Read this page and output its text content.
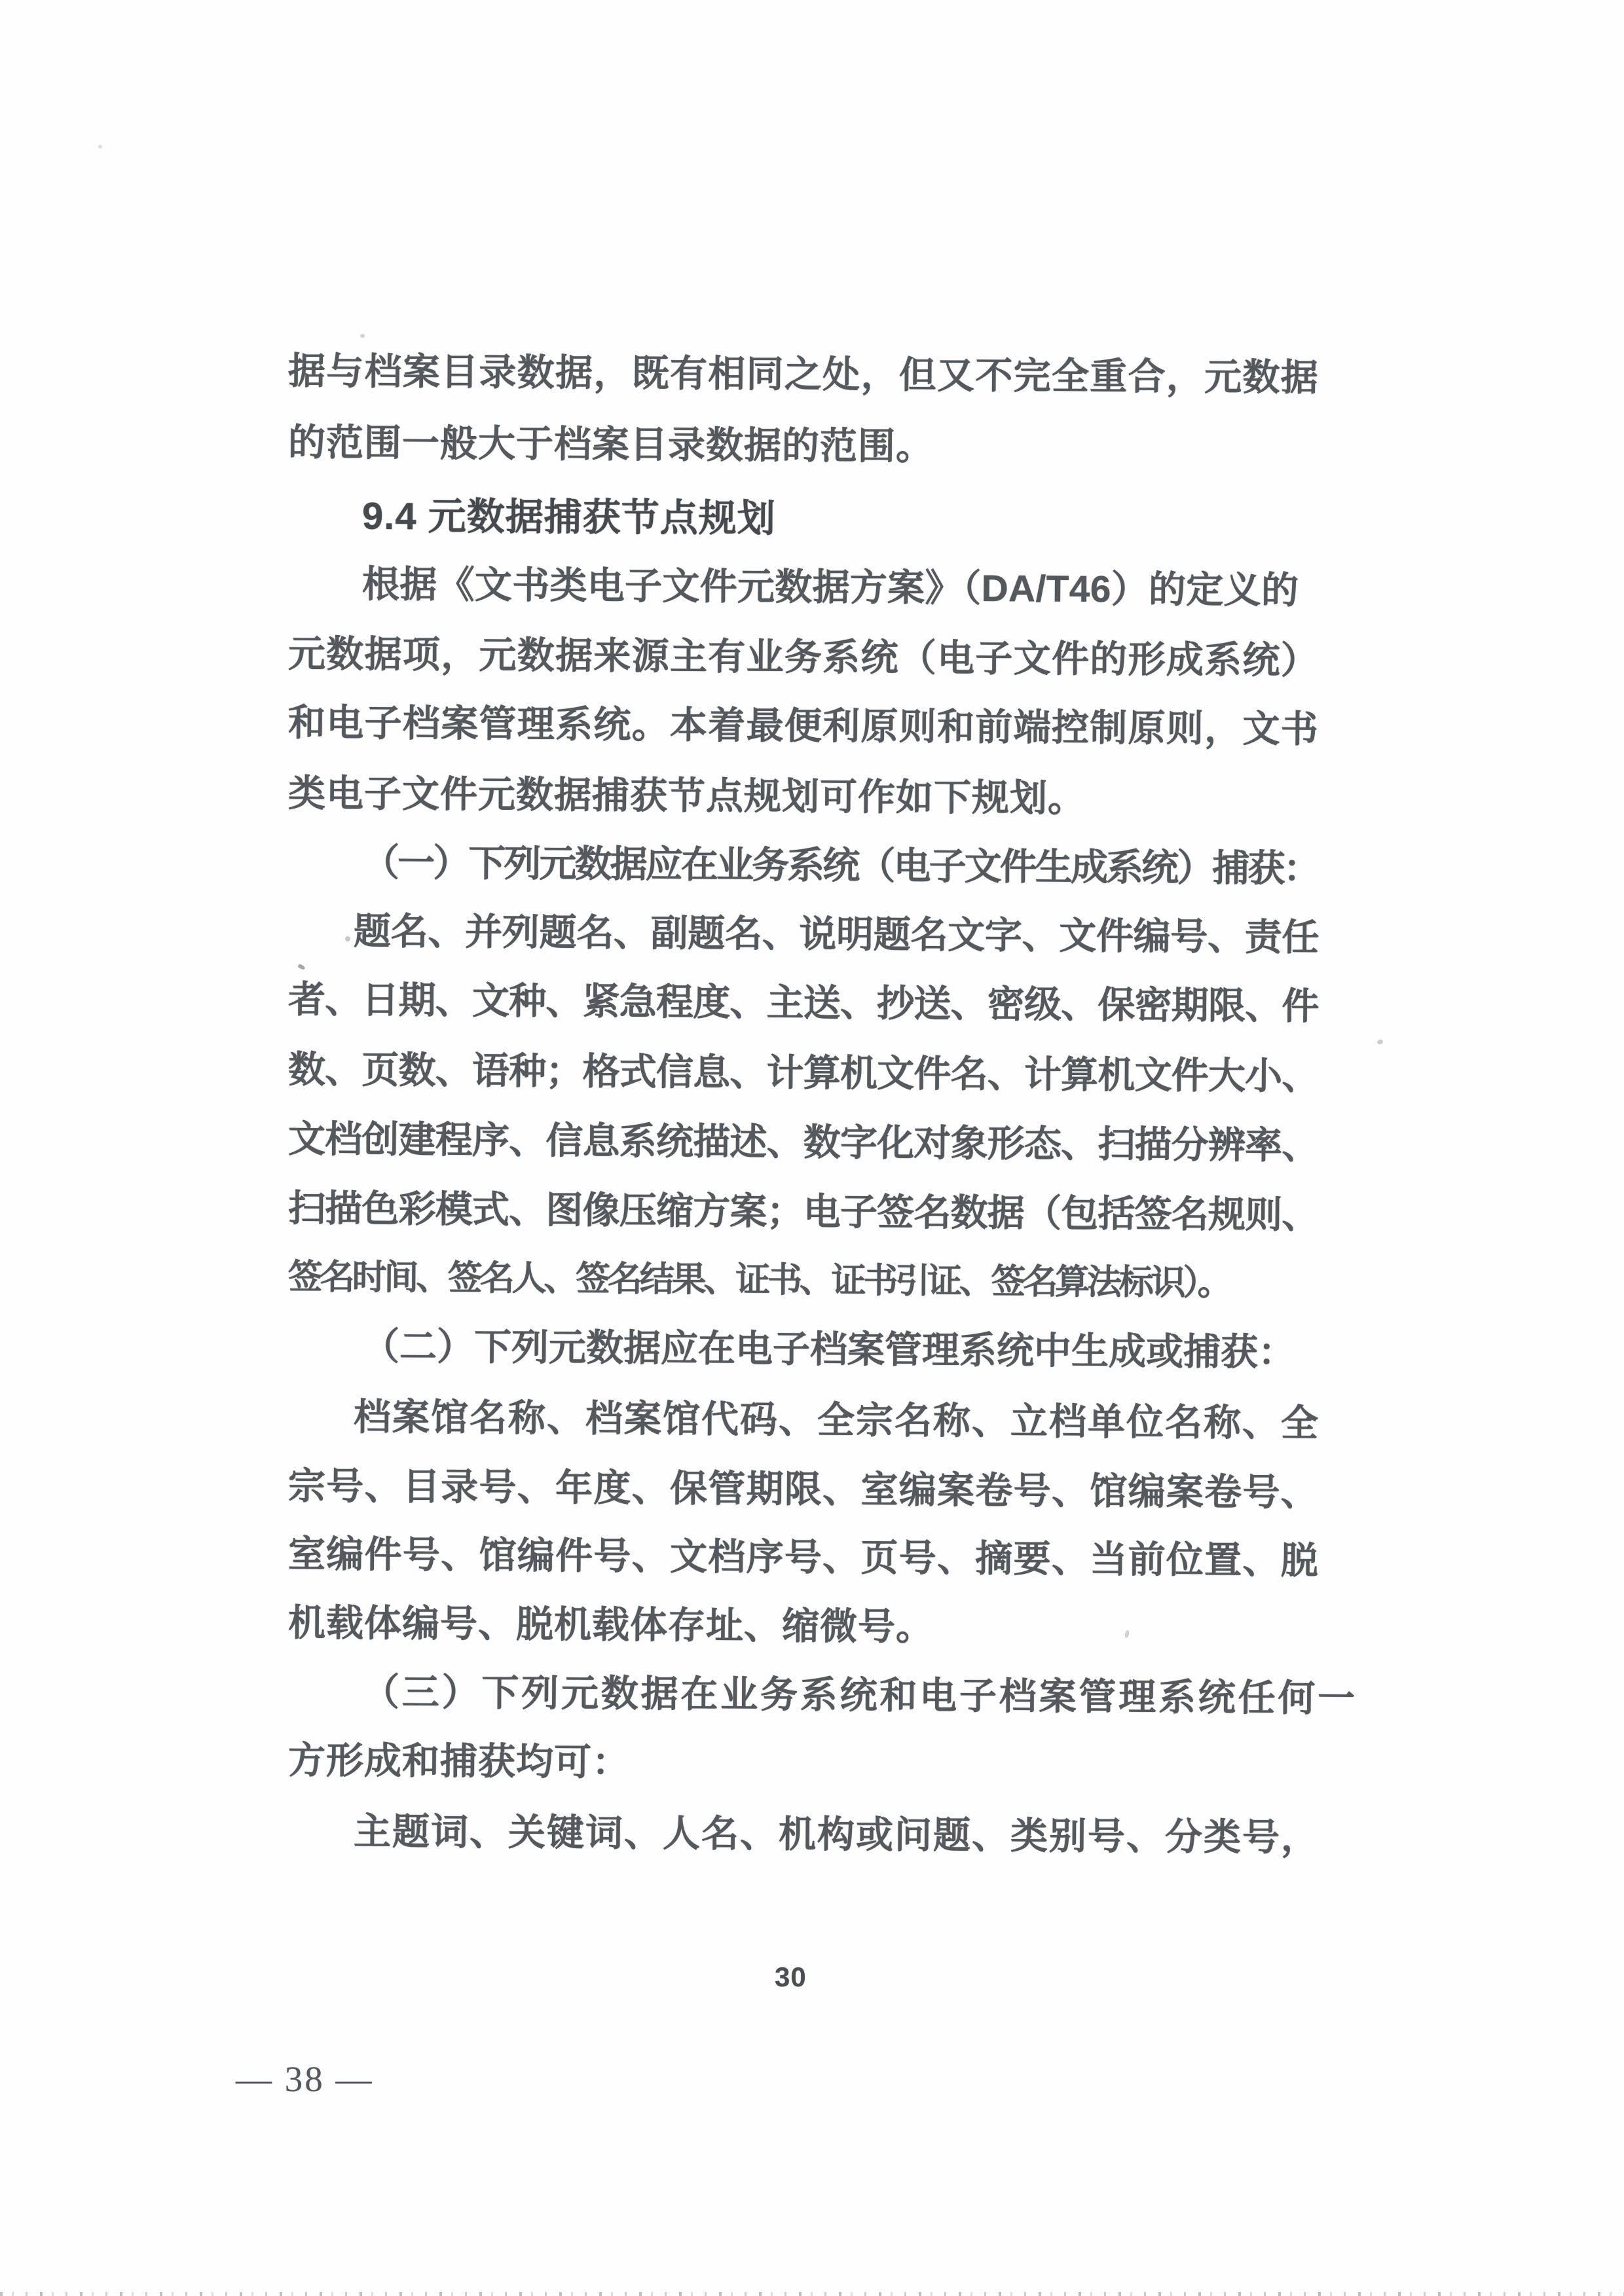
据与档案目录数据，既有相同之处，但又不完全重合，元数据
的范围一般大于档案目录数据的范围。
9.4 元数据捕获节点规划
根据《文书类电子文件元数据方案》（DA/T46）的定义的
元数据项，元数据来源主有业务系统（电子文件的形成系统）
和电子档案管理系统。本着最便利原则和前端控制原则，文书
类电子文件元数据捕获节点规划可作如下规划。
（一）下列元数据应在业务系统（电子文件生成系统）捕获：
题名、并列题名、副题名、说明题名文字、文件编号、责任
者、日期、文种、紧急程度、主送、抄送、密级、保密期限、件
数、页数、语种；格式信息、计算机文件名、计算机文件大小、
文档创建程序、信息系统描述、数字化对象形态、扫描分辨率、
扫描色彩模式、图像压缩方案；电子签名数据（包括签名规则、
签名时间、签名人、签名结果、证书、证书引证、签名算法标识）。
（二）下列元数据应在电子档案管理系统中生成或捕获：
档案馆名称、档案馆代码、全宗名称、立档单位名称、全
宗号、目录号、年度、保管期限、室编案卷号、馆编案卷号、
室编件号、馆编件号、文档序号、页号、摘要、当前位置、脱
机载体编号、脱机载体存址、缩微号。
（三）下列元数据在业务系统和电子档案管理系统任何一
方形成和捕获均可：
主题词、关键词、人名、机构或问题、类别号、分类号，
30
— 38 —
